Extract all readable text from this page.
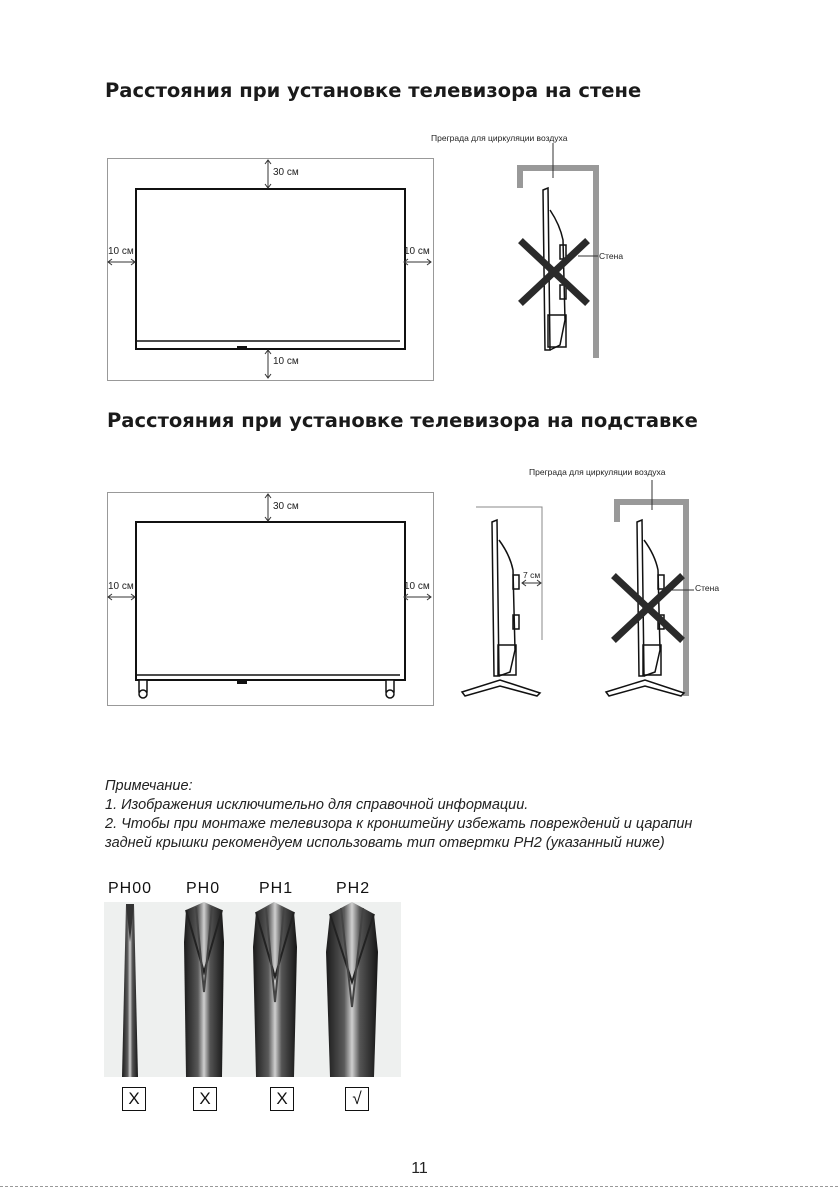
Расстояния при установке телевизора на стене
30 см
10 см	10 см
10 см
Преграда для циркуляции воздуха
Стена
Расстояния при установке телевизора на подставке
30 см
10 см	10 см
7 см
Преграда для циркуляции воздуха
Стена
Примечание:
1. Изображения исключительно для справочной информации.
2. Чтобы при монтаже телевизора к кронштейну избежать повреждений и царапин
задней крышки рекомендуем использовать тип отвертки PH2 (указанный ниже)
PH00 PH0 PH1	PH2
X	X	X	√
11
